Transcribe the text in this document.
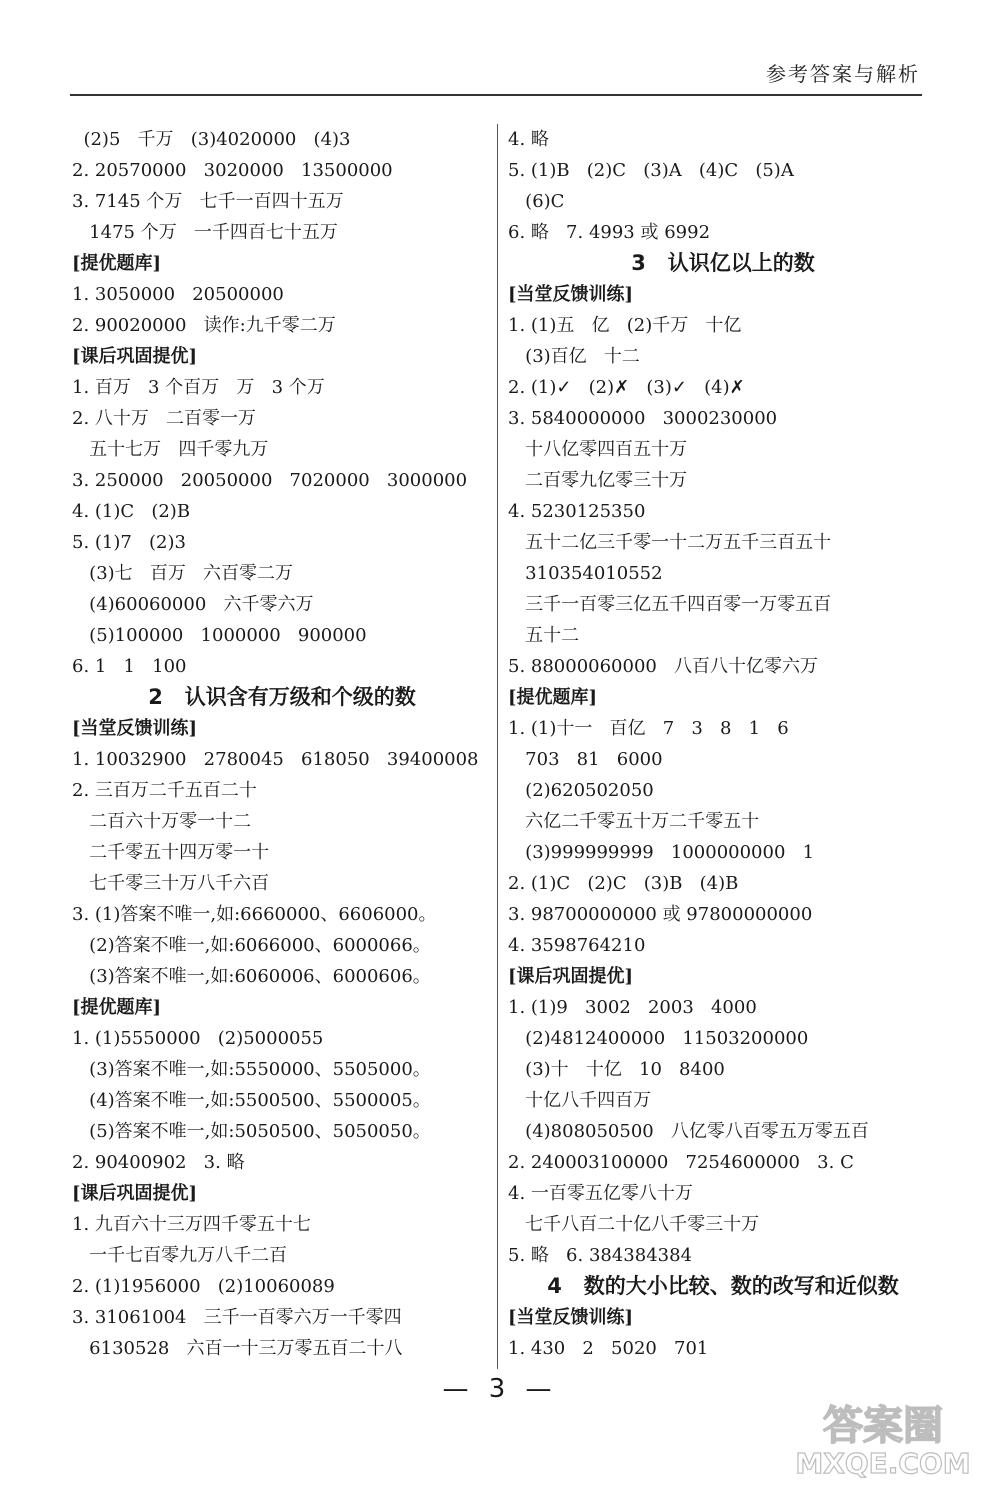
参考答案与解析
(2)5   千万   (3)4020000   (4)3
2. 20570000   3020000   13500000
3. 7145 个万   七千一百四十五万
1475 个万   一千四百七十五万
[提优题库]
1. 3050000   20500000
2. 90020000   读作:九千零二万
[课后巩固提优]
1. 百万   3 个百万   万   3 个万
2. 八十万   二百零一万
五十七万   四千零九万
3. 250000   20050000   7020000   3000000
4. (1)C   (2)B
5. (1)7   (2)3
(3)七   百万   六百零二万
(4)60060000   六千零六万
(5)100000   1000000   900000
6. 1   1   100
2   认识含有万级和个级的数
[当堂反馈训练]
1. 10032900   2780045   618050   39400008
2. 三百万二千五百二十
二百六十万零一十二
二千零五十四万零一十
七千零三十万八千六百
3. (1)答案不唯一,如:6660000、6606000。
(2)答案不唯一,如:6066000、6000066。
(3)答案不唯一,如:6060006、6000606。
[提优题库]
1. (1)5550000   (2)5000055
(3)答案不唯一,如:5550000、5505000。
(4)答案不唯一,如:5500500、5500005。
(5)答案不唯一,如:5050500、5050050。
2. 90400902   3. 略
[课后巩固提优]
1. 九百六十三万四千零五十七
一千七百零九万八千二百
2. (1)1956000   (2)10060089
3. 31061004   三千一百零六万一千零四
6130528   六百一十三万零五百二十八
4. 略
5. (1)B   (2)C   (3)A   (4)C   (5)A
(6)C
6. 略   7. 4993 或 6992
3   认识亿以上的数
[当堂反馈训练]
1. (1)五   亿   (2)千万   十亿
(3)百亿   十二
2. (1)✓   (2)✗   (3)✓   (4)✗
3. 5840000000   3000230000
十八亿零四百五十万
二百零九亿零三十万
4. 5230125350
五十二亿三千零一十二万五千三百五十
310354010552
三千一百零三亿五千四百零一万零五百
五十二
5. 88000060000   八百八十亿零六万
[提优题库]
1. (1)十一   百亿   7   3   8   1   6
703   81   6000
(2)620502050
六亿二千零五十万二千零五十
(3)999999999   1000000000   1
2. (1)C   (2)C   (3)B   (4)B
3. 98700000000 或 97800000000
4. 3598764210
[课后巩固提优]
1. (1)9   3002   2003   4000
(2)4812400000   11503200000
(3)十   十亿   10   8400
十亿八千四百万
(4)808050500   八亿零八百零五万零五百
2. 240003100000   7254600000   3. C
4. 一百零五亿零八十万
七千八百二十亿八千零三十万
5. 略   6. 384384384
4   数的大小比较、数的改写和近似数
[当堂反馈训练]
1. 430   2   5020   701
— 3 —
答案圈
MXQE.COM
